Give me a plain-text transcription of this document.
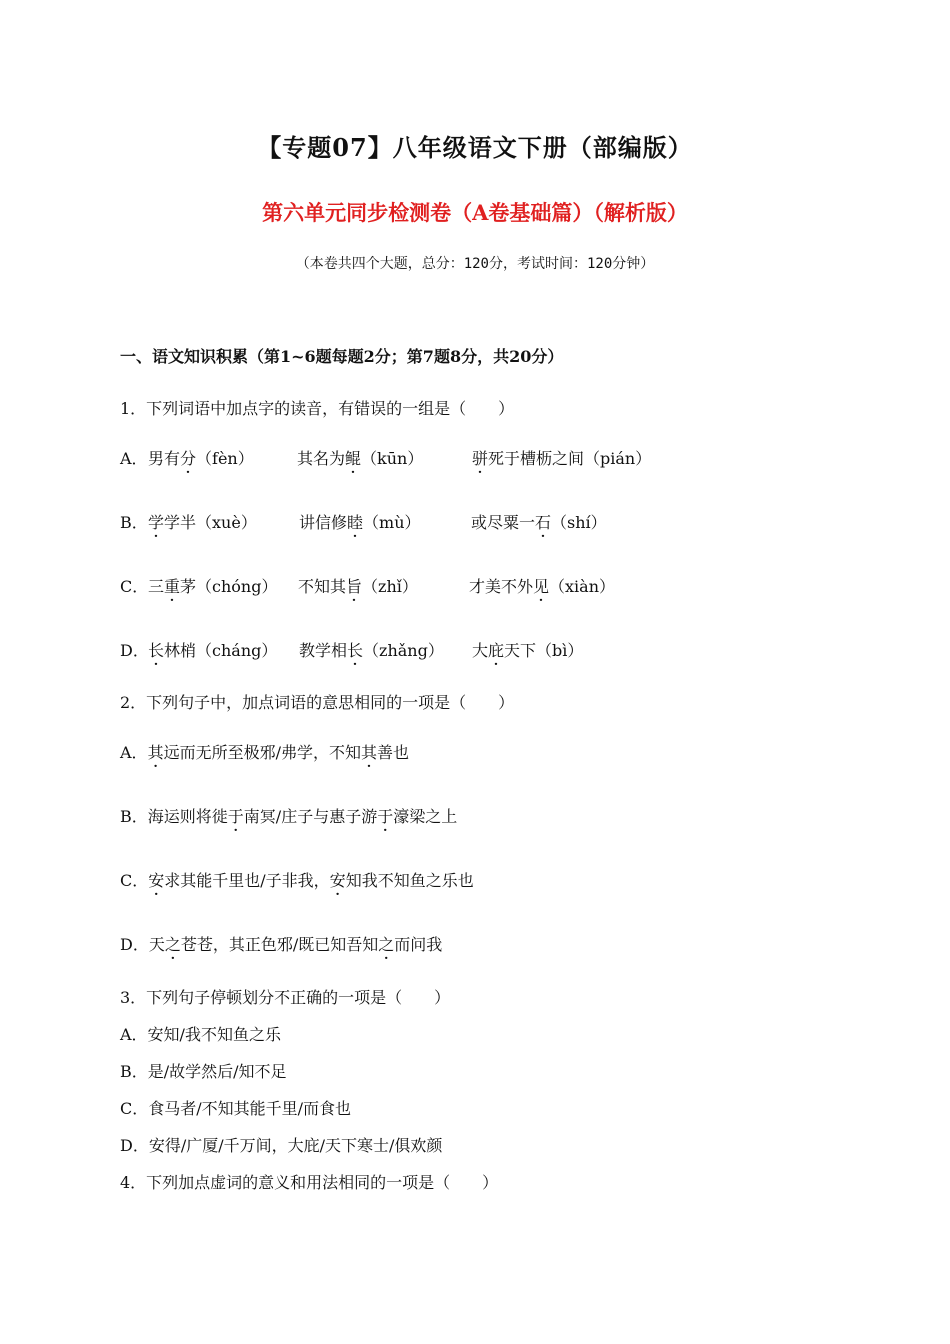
【专题07】八年级语文下册（部编版）
第六单元同步检测卷（A卷基础篇）（解析版）
（本卷共四个大题，总分：120分，考试时间：120分钟）
一、语文知识积累（第1~6题每题2分；第7题8分，共20分）
1．下列词语中加点字的读音，有错误的一组是（　　）
A． 男有分（fèn）	其名为鲲（kūn）	骈死于槽枥之间（pián）
B． 学学半（xuè）	讲信修睦（mù）	或尽粟一石（shí）
C． 三重茅（chóng） 不知其旨（zhǐ）	才美不外见（xiàn）
D． 长林梢（cháng） 教学相长（zhǎng） 大庇天下（bì）
2．下列句子中，加点词语的意思相同的一项是（　　）
A．其远而无所至极邪/弗学，不知其善也
B．海运则将徙于南冥/庄子与惠子游于濠梁之上
C．安求其能千里也/子非我，安知我不知鱼之乐也
D．天之苍苍，其正色邪/既已知吾知之而问我
3．下列句子停顿划分不正确的一项是（　　）
A．安知/我不知鱼之乐
B．是/故学然后/知不足
C．食马者/不知其能千里/而食也
D．安得/广厦/千万间，大庇/天下寒士/俱欢颜
4．下列加点虚词的意义和用法相同的一项是（　　）
